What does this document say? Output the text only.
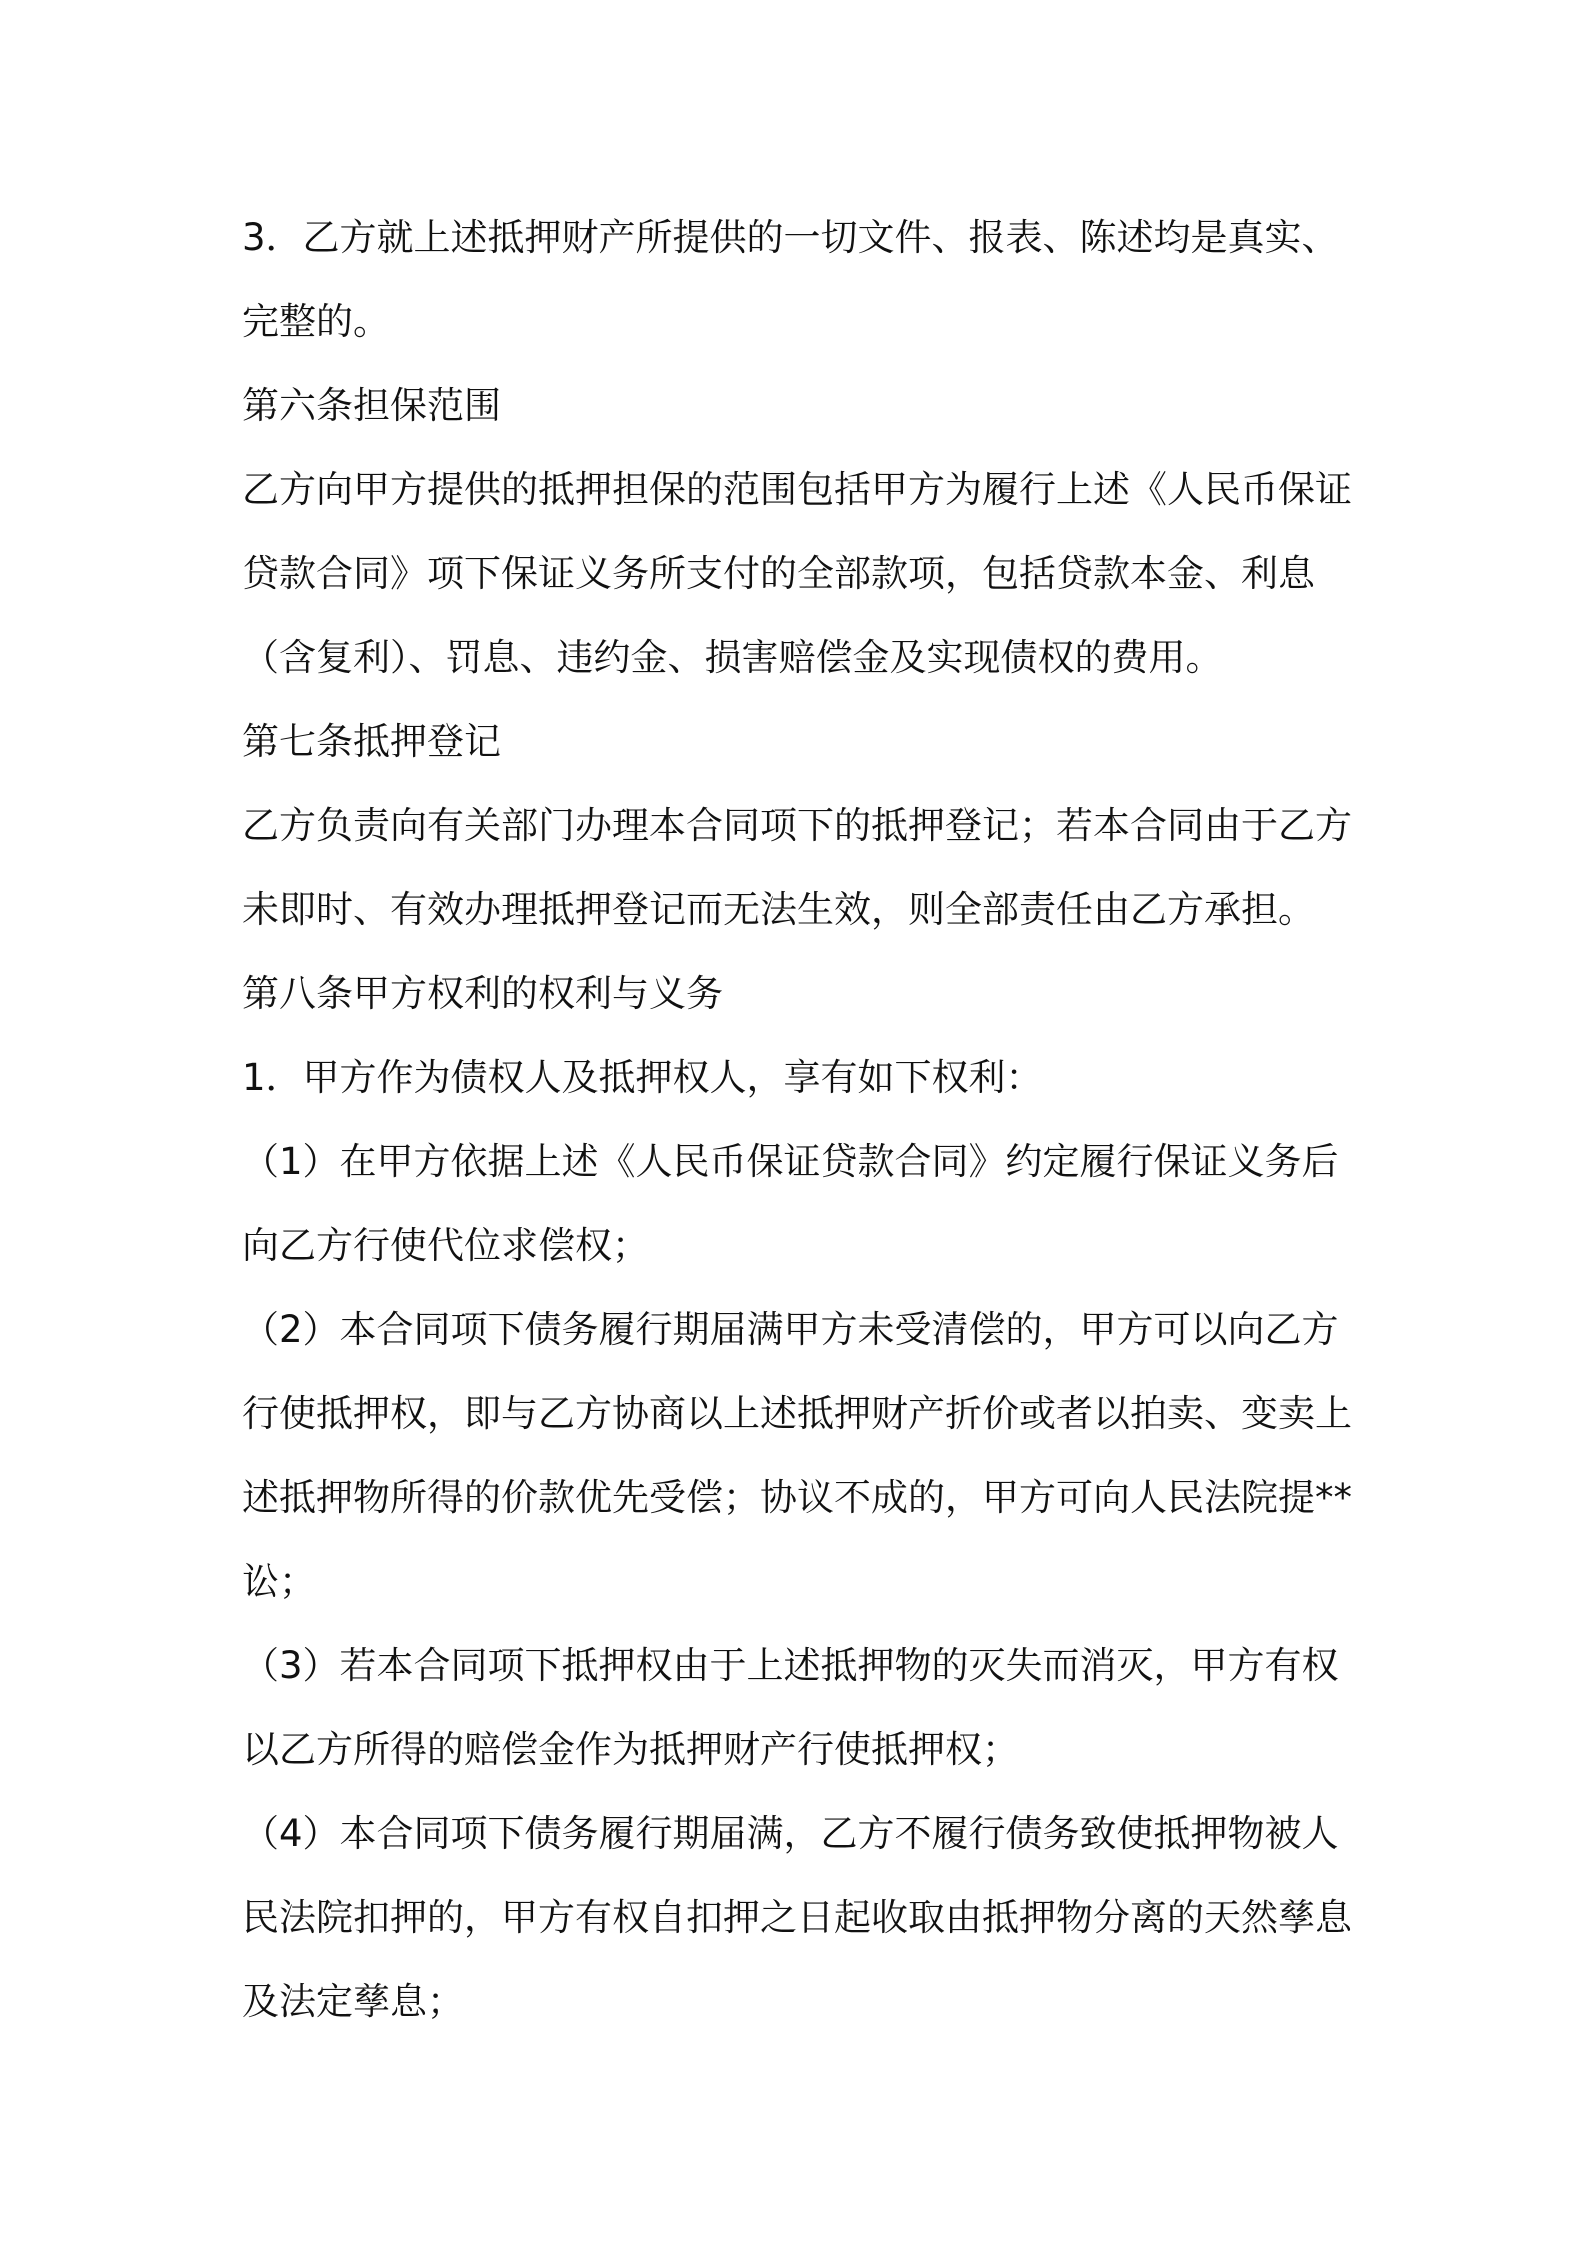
3．乙方就上述抵押财产所提供的一切文件、报表、陈述均是真实、完整的。

第六条担保范围

乙方向甲方提供的抵押担保的范围包括甲方为履行上述《人民币保证贷款合同》项下保证义务所支付的全部款项，包括贷款本金、利息（含复利）、罚息、违约金、损害赔偿金及实现债权的费用。

第七条抵押登记

乙方负责向有关部门办理本合同项下的抵押登记；若本合同由于乙方未即时、有效办理抵押登记而无法生效，则全部责任由乙方承担。

第八条甲方权利的权利与义务

1．甲方作为债权人及抵押权人，享有如下权利：

（1）在甲方依据上述《人民币保证贷款合同》约定履行保证义务后向乙方行使代位求偿权；

（2）本合同项下债务履行期届满甲方未受清偿的，甲方可以向乙方行使抵押权，即与乙方协商以上述抵押财产折价或者以拍卖、变卖上述抵押物所得的价款优先受偿；协议不成的，甲方可向人民法院提**讼；

（3）若本合同项下抵押权由于上述抵押物的灭失而消灭，甲方有权以乙方所得的赔偿金作为抵押财产行使抵押权；

（4）本合同项下债务履行期届满，乙方不履行债务致使抵押物被人民法院扣押的，甲方有权自扣押之日起收取由抵押物分离的天然孳息及法定孳息；
